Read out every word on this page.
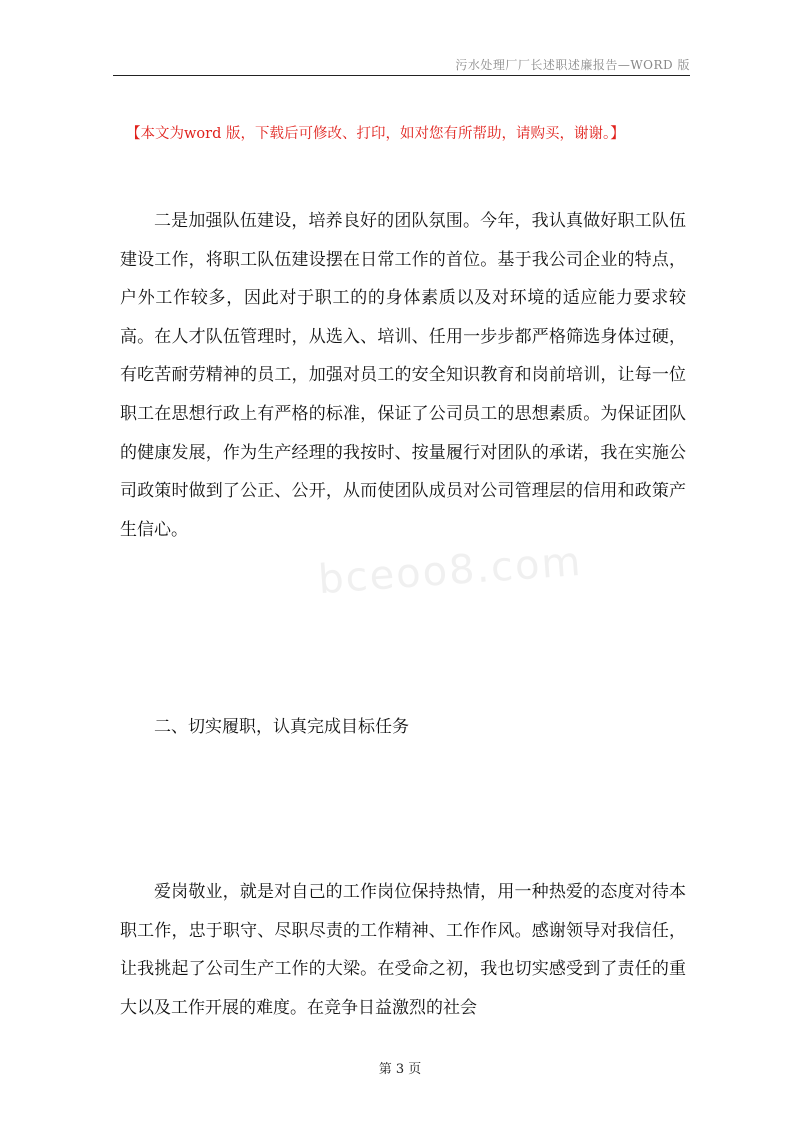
污水处理厂厂长述职述廉报告—WORD 版
【本文为word 版，下载后可修改、打印，如对您有所帮助，请购买，谢谢。】

二是加强队伍建设，培养良好的团队氛围。今年，我认真做好职工队伍建设工作，将职工队伍建设摆在日常工作的首位。基于我公司企业的特点，户外工作较多，因此对于职工的的身体素质以及对环境的适应能力要求较高。在人才队伍管理时，从选入、培训、任用一步步都严格筛选身体过硬，有吃苦耐劳精神的员工，加强对员工的安全知识教育和岗前培训，让每一位职工在思想行政上有严格的标准，保证了公司员工的思想素质。为保证团队的健康发展，作为生产经理的我按时、按量履行对团队的承诺，我在实施公司政策时做到了公正、公开，从而使团队成员对公司管理层的信用和政策产生信心。

二、切实履职，认真完成目标任务

爱岗敬业，就是对自己的工作岗位保持热情，用一种热爱的态度对待本职工作，忠于职守、尽职尽责的工作精神、工作作风。感谢领导对我信任，让我挑起了公司生产工作的大梁。在受命之初，我也切实感受到了责任的重大以及工作开展的难度。在竞争日益激烈的社会

bceoo8.com
第 3 页
